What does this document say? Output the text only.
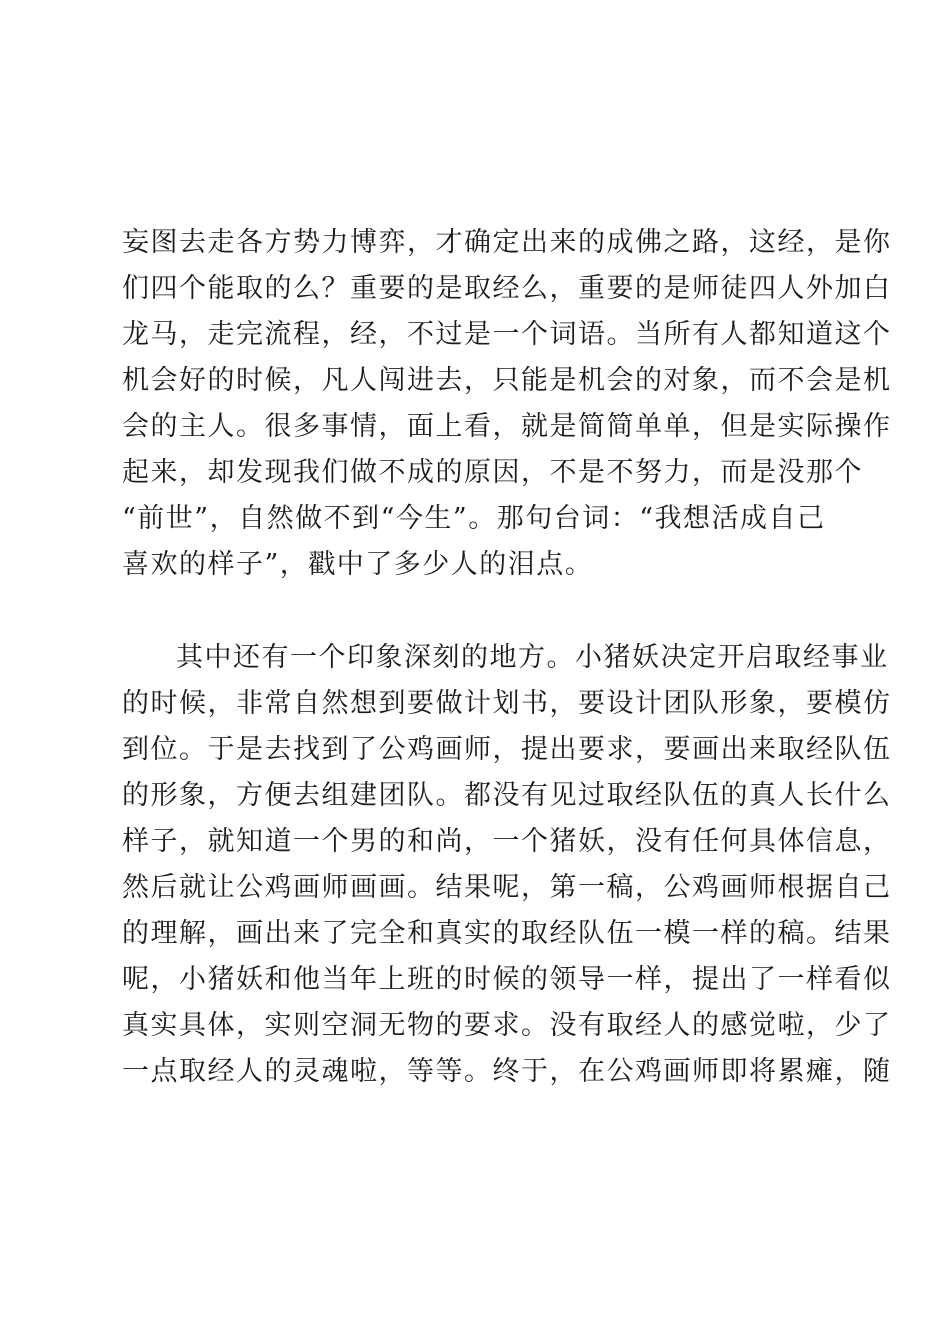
妄图去走各方势力博弈，才确定出来的成佛之路，这经，是你
们四个能取的么？重要的是取经么，重要的是师徒四人外加白
龙马，走完流程，经，不过是一个词语。当所有人都知道这个
机会好的时候，凡人闯进去，只能是机会的对象，而不会是机
会的主人。很多事情，面上看，就是简简单单，但是实际操作
起来，却发现我们做不成的原因，不是不努力，而是没那个
“前世”，自然做不到“今生”。那句台词：“我想活成自己
喜欢的样子”，戳中了多少人的泪点。
其中还有一个印象深刻的地方。小猪妖决定开启取经事业
的时候，非常自然想到要做计划书，要设计团队形象，要模仿
到位。于是去找到了公鸡画师，提出要求，要画出来取经队伍
的形象，方便去组建团队。都没有见过取经队伍的真人长什么
样子，就知道一个男的和尚，一个猪妖，没有任何具体信息，
然后就让公鸡画师画画。结果呢，第一稿，公鸡画师根据自己
的理解，画出来了完全和真实的取经队伍一模一样的稿。结果
呢，小猪妖和他当年上班的时候的领导一样，提出了一样看似
真实具体，实则空洞无物的要求。没有取经人的感觉啦，少了
一点取经人的灵魂啦，等等。终于，在公鸡画师即将累瘫，随
